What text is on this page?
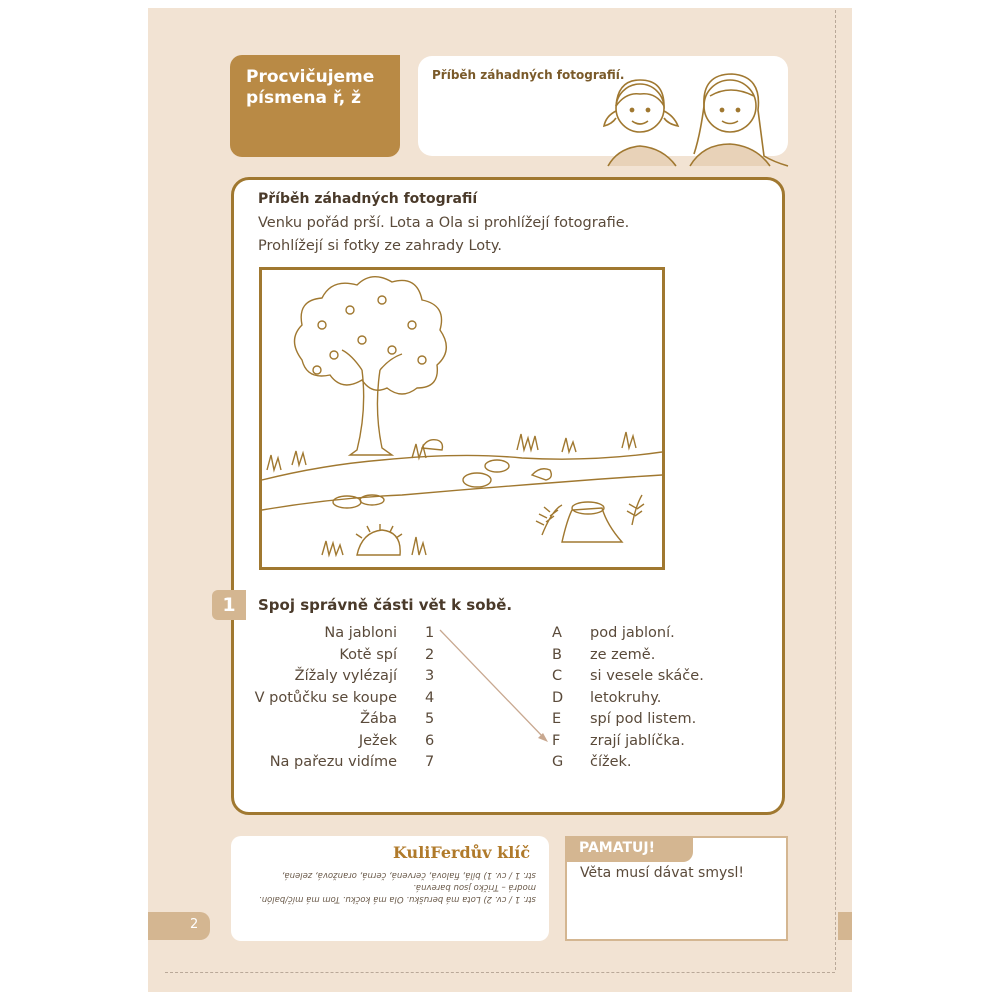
Procvičujeme
písmena ř, ž
Příběh záhadných fotografií.
Příběh záhadných fotografií
Venku pořád prší. Lota a Ola si prohlížejí fotografie.
Prohlížejí si fotky ze zahrady Loty.
1	Spoj správně části vět k sobě.
Na jabloni 1
Kotě spí 2
Žížaly vylézají 3
V potůčku se koupe 4
Žába 5
Ježek 6
Na pařezu vidíme 7
A	pod jabloní.
B	ze země.
C	si vesele skáče.
D	letokruhy.
E	spí pod listem.
F	zrají jablíčka.
G	čížek.
KuliFerdův klíč
str. 1 / cv. 2) Lota má berušku. Ola má kočku. Tom má míč/balón.
modrá – Tričko jsou barevná.
str. 1 / cv. 1) bílá, fialová, červená, černá, oranžová, zelená,
PAMATUJ!
Věta musí dávat smysl!
2
